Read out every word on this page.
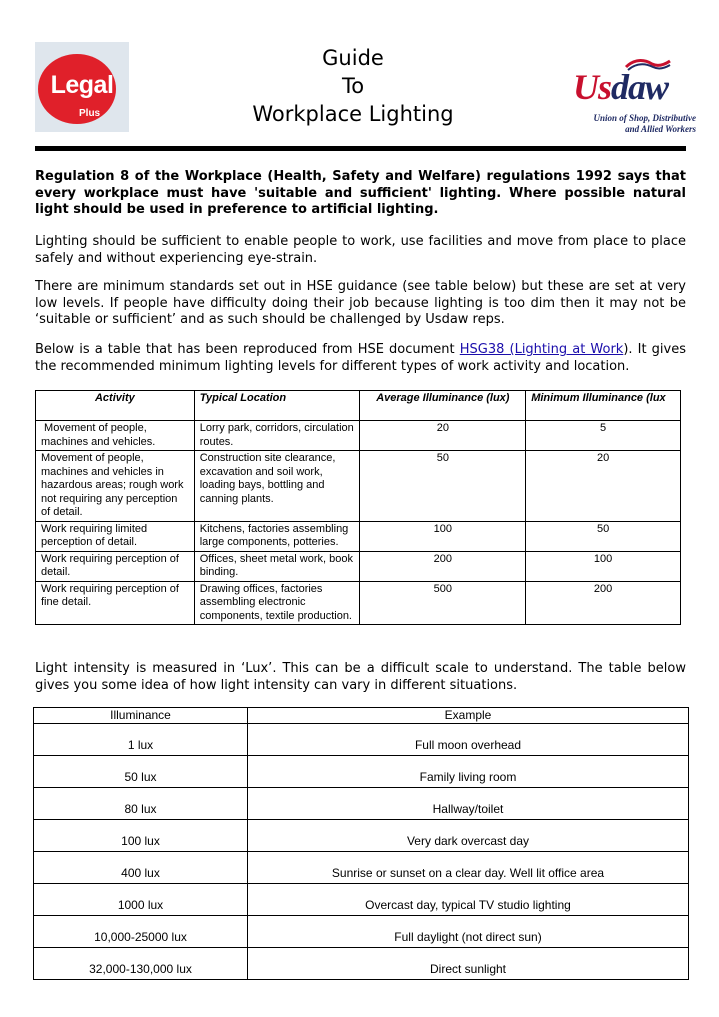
Legal
Plus
Guide
To
Workplace Lighting
Usdaw
Union of Shop, Distributive
and Allied Workers
Regulation 8 of the Workplace (Health, Safety and Welfare) regulations 1992 says that every workplace must have 'suitable and sufficient' lighting. Where possible natural light should be used in preference to artificial lighting.
Lighting should be sufficient to enable people to work, use facilities and move from place to place safely and without experiencing eye-strain.
There are minimum standards set out in HSE guidance (see table below) but these are set at very low levels. If people have difficulty doing their job because lighting is too dim then it may not be ‘suitable or sufficient’ and as such should be challenged by Usdaw reps.
Below is a table that has been reproduced from HSE document HSG38 (Lighting at Work). It gives the recommended minimum lighting levels for different types of work activity and location.
Activity	Typical Location	Average Illuminance (lux)	Minimum Illuminance (lux
Movement of people, machines and vehicles.	Lorry park, corridors, circulation routes.	20	5
Movement of people, machines and vehicles in hazardous areas; rough work not requiring any perception of detail.	Construction site clearance, excavation and soil work, loading bays, bottling and canning plants.	50	20
Work requiring limited perception of detail.	Kitchens, factories assembling large components, potteries.	100	50
Work requiring perception of detail.	Offices, sheet metal work, book binding.	200	100
Work requiring perception of fine detail.	Drawing offices, factories assembling electronic components, textile production.	500	200
Light intensity is measured in ‘Lux’. This can be a difficult scale to understand. The table below gives you some idea of how light intensity can vary in different situations.
Illuminance	Example
1 lux	Full moon overhead
50 lux	Family living room
80 lux	Hallway/toilet
100 lux	Very dark overcast day
400 lux	Sunrise or sunset on a clear day. Well lit office area
1000 lux	Overcast day, typical TV studio lighting
10,000-25000 lux	Full daylight (not direct sun)
32,000-130,000 lux	Direct sunlight
